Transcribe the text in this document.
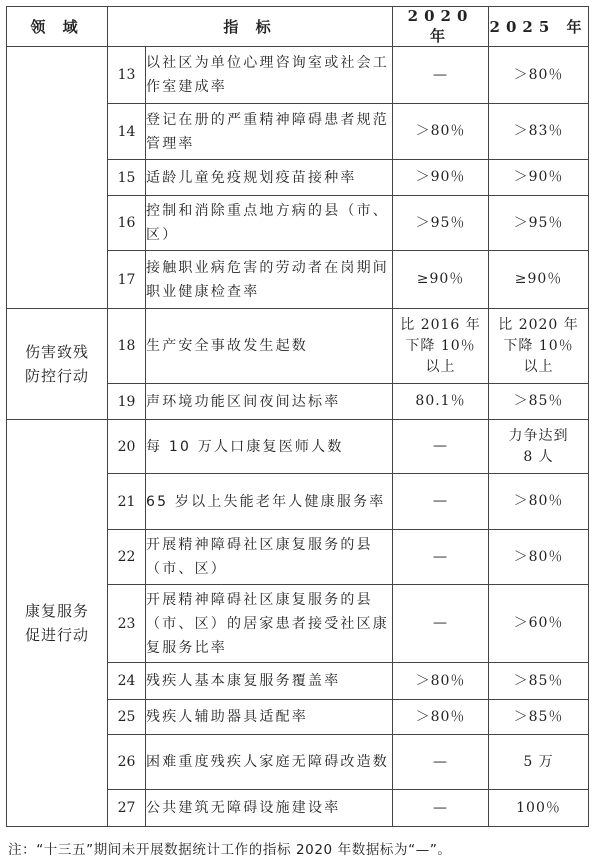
领 域	指 标		2020 年	2025 年
	13	以社区为单位心理咨询室或社会工作室建成率	—	＞80％
	14	登记在册的严重精神障碍患者规范管理率	＞80％	＞83％
	15	适龄儿童免疫规划疫苗接种率	＞90％	＞90％
	16	控制和消除重点地方病的县（市、区）	＞95％	＞95％
	17	接触职业病危害的劳动者在岗期间职业健康检查率	≥90％	≥90％
伤害致残
防控行动	18	生产安全事故发生起数	比 2016 年
下降 10％
以上	比 2020 年
下降 10％
以上
	19	声环境功能区间夜间达标率	80.1％	＞85％
康复服务
促进行动	20	每 10 万人口康复医师人数	—	力争达到
8 人
	21	65 岁以上失能老年人健康服务率	—	＞80％
	22	开展精神障碍社区康复服务的县（市、区）	—	＞80％
	23	开展精神障碍社区康复服务的县（市、区）的居家患者接受社区康复服务比率	—	＞60％
	24	残疾人基本康复服务覆盖率	＞80％	＞85％
	25	残疾人辅助器具适配率	＞80％	＞85％
	26	困难重度残疾人家庭无障碍改造数	—	5 万
	27	公共建筑无障碍设施建设率	—	100％
注：“十三五”期间未开展数据统计工作的指标 2020 年数据标为“—”。
